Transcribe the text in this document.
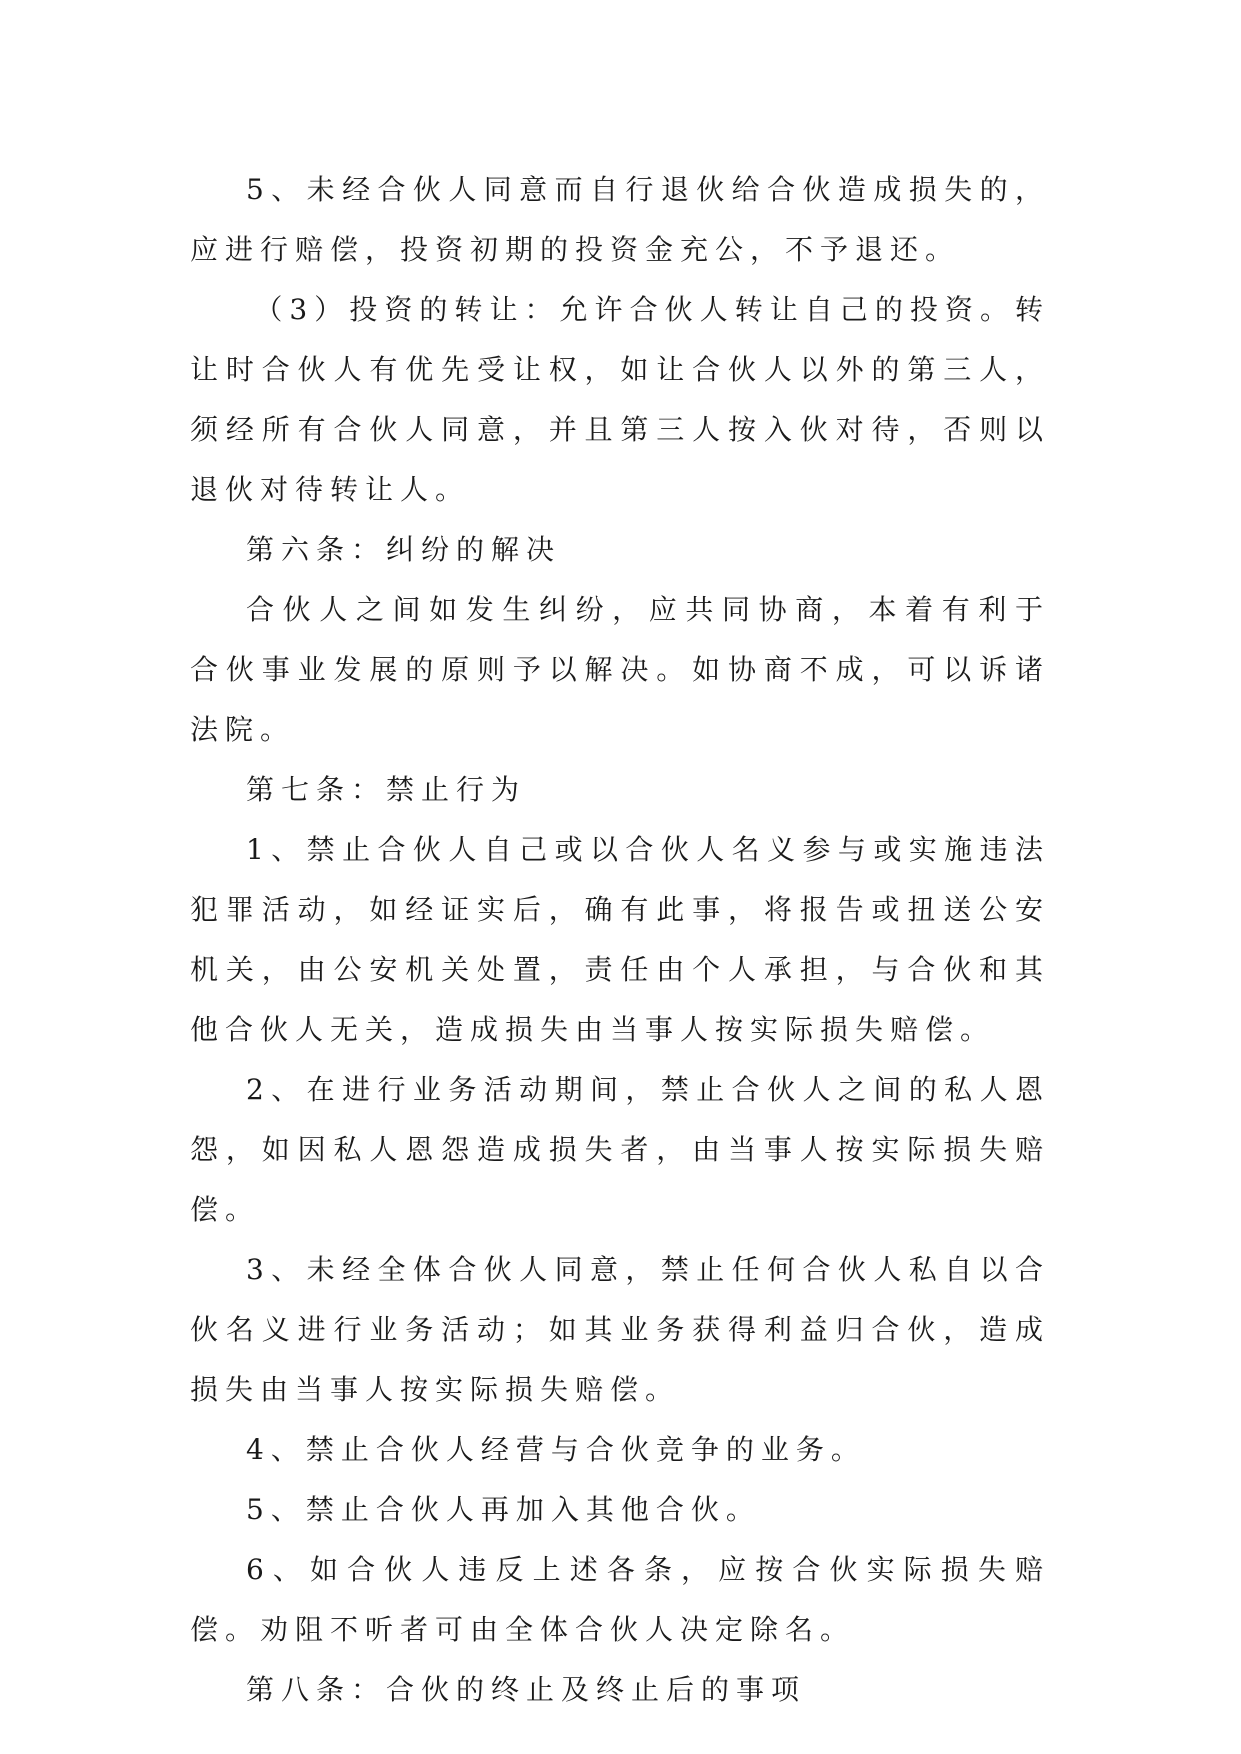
5、未经合伙人同意而自行退伙给合伙造成损失的，应进行赔偿，投资初期的投资金充公，不予退还。

（3）投资的转让：允许合伙人转让自己的投资。转让时合伙人有优先受让权，如让合伙人以外的第三人，须经所有合伙人同意，并且第三人按入伙对待，否则以退伙对待转让人。

第六条：纠纷的解决

合伙人之间如发生纠纷，应共同协商，本着有利于合伙事业发展的原则予以解决。如协商不成，可以诉诸法院。

第七条：禁止行为

1、禁止合伙人自己或以合伙人名义参与或实施违法犯罪活动，如经证实后，确有此事，将报告或扭送公安机关，由公安机关处置，责任由个人承担，与合伙和其他合伙人无关，造成损失由当事人按实际损失赔偿。

2、在进行业务活动期间，禁止合伙人之间的私人恩怨，如因私人恩怨造成损失者，由当事人按实际损失赔偿。

3、未经全体合伙人同意，禁止任何合伙人私自以合伙名义进行业务活动；如其业务获得利益归合伙，造成损失由当事人按实际损失赔偿。

4、禁止合伙人经营与合伙竞争的业务。

5、禁止合伙人再加入其他合伙。

6、如合伙人违反上述各条，应按合伙实际损失赔偿。劝阻不听者可由全体合伙人决定除名。

第八条：合伙的终止及终止后的事项
